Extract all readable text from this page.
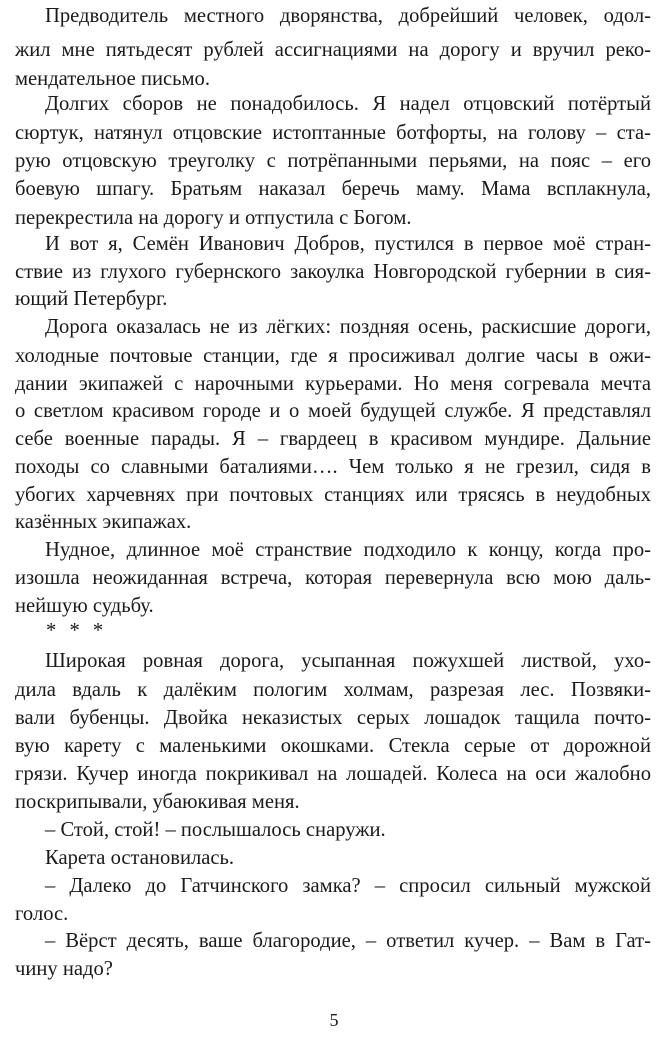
Предводитель местного дворянства, добрейший человек, одол-
жил мне пятьдесят рублей ассигнациями на дорогу и вручил реко-
мендательное письмо.
Долгих сборов не понадобилось. Я надел отцовский потёртый
сюртук, натянул отцовские истоптанные ботфорты, на голову – ста-
рую отцовскую треуголку с потрёпанными перьями, на пояс – его
боевую шпагу. Братьям наказал беречь маму. Мама всплакнула,
перекрестила на дорогу и отпустила с Богом.
И вот я, Семён Иванович Добров, пустился в первое моё стран-
ствие из глухого губернского закоулка Новгородской губернии в сия-
ющий Петербург.
Дорога оказалась не из лёгких: поздняя осень, раскисшие дороги,
холодные почтовые станции, где я просиживал долгие часы в ожи-
дании экипажей с нарочными курьерами. Но меня согревала мечта
о светлом красивом городе и о моей будущей службе. Я представлял
себе военные парады. Я – гвардеец в красивом мундире. Дальние
походы со славными баталиями…. Чем только я не грезил, сидя в
убогих харчевнях при почтовых станциях или трясясь в неудобных
казённых экипажах.
Нудное, длинное моё странствие подходило к концу, когда про-
изошла неожиданная встреча, которая перевернула всю мою даль-
нейшую судьбу.
* * *
Широкая ровная дорога, усыпанная пожухшей листвой, ухо-
дила вдаль к далёким пологим холмам, разрезая лес. Позвяки-
вали бубенцы. Двойка неказистых серых лошадок тащила почто-
вую карету с маленькими окошками. Стекла серые от дорожной
грязи. Кучер иногда покрикивал на лошадей. Колеса на оси жалобно
поскрипывали, убаюкивая меня.
– Стой, стой! – послышалось снаружи.
Карета остановилась.
– Далеко до Гатчинского замка? – спросил сильный мужской
голос.
– Вёрст десять, ваше благородие, – ответил кучер. – Вам в Гат-
чину надо?
5
